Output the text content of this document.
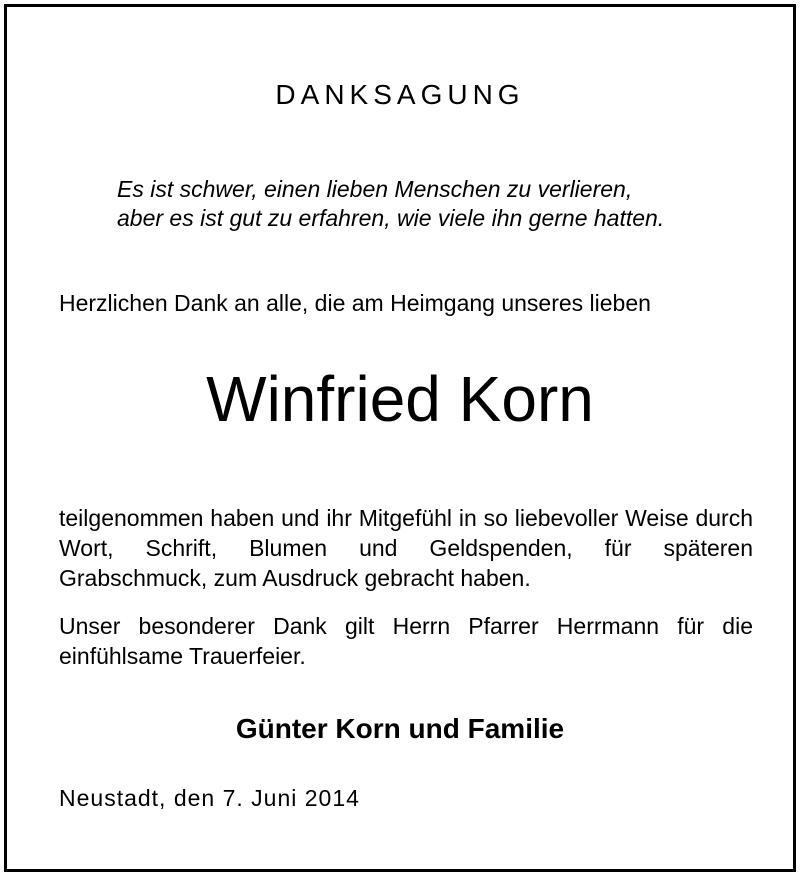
DANKSAGUNG
Es ist schwer, einen lieben Menschen zu verlieren,
aber es ist gut zu erfahren, wie viele ihn gerne hatten.
Herzlichen Dank an alle, die am Heimgang unseres lieben
Winfried Korn
teilgenommen haben und ihr Mitgefühl in so liebevoller Weise durch Wort, Schrift, Blumen und Geldspenden, für späteren Grabschmuck, zum Ausdruck gebracht haben.
Unser besonderer Dank gilt Herrn Pfarrer Herrmann für die einfühlsame Trauerfeier.
Günter Korn und Familie
Neustadt, den 7. Juni 2014
